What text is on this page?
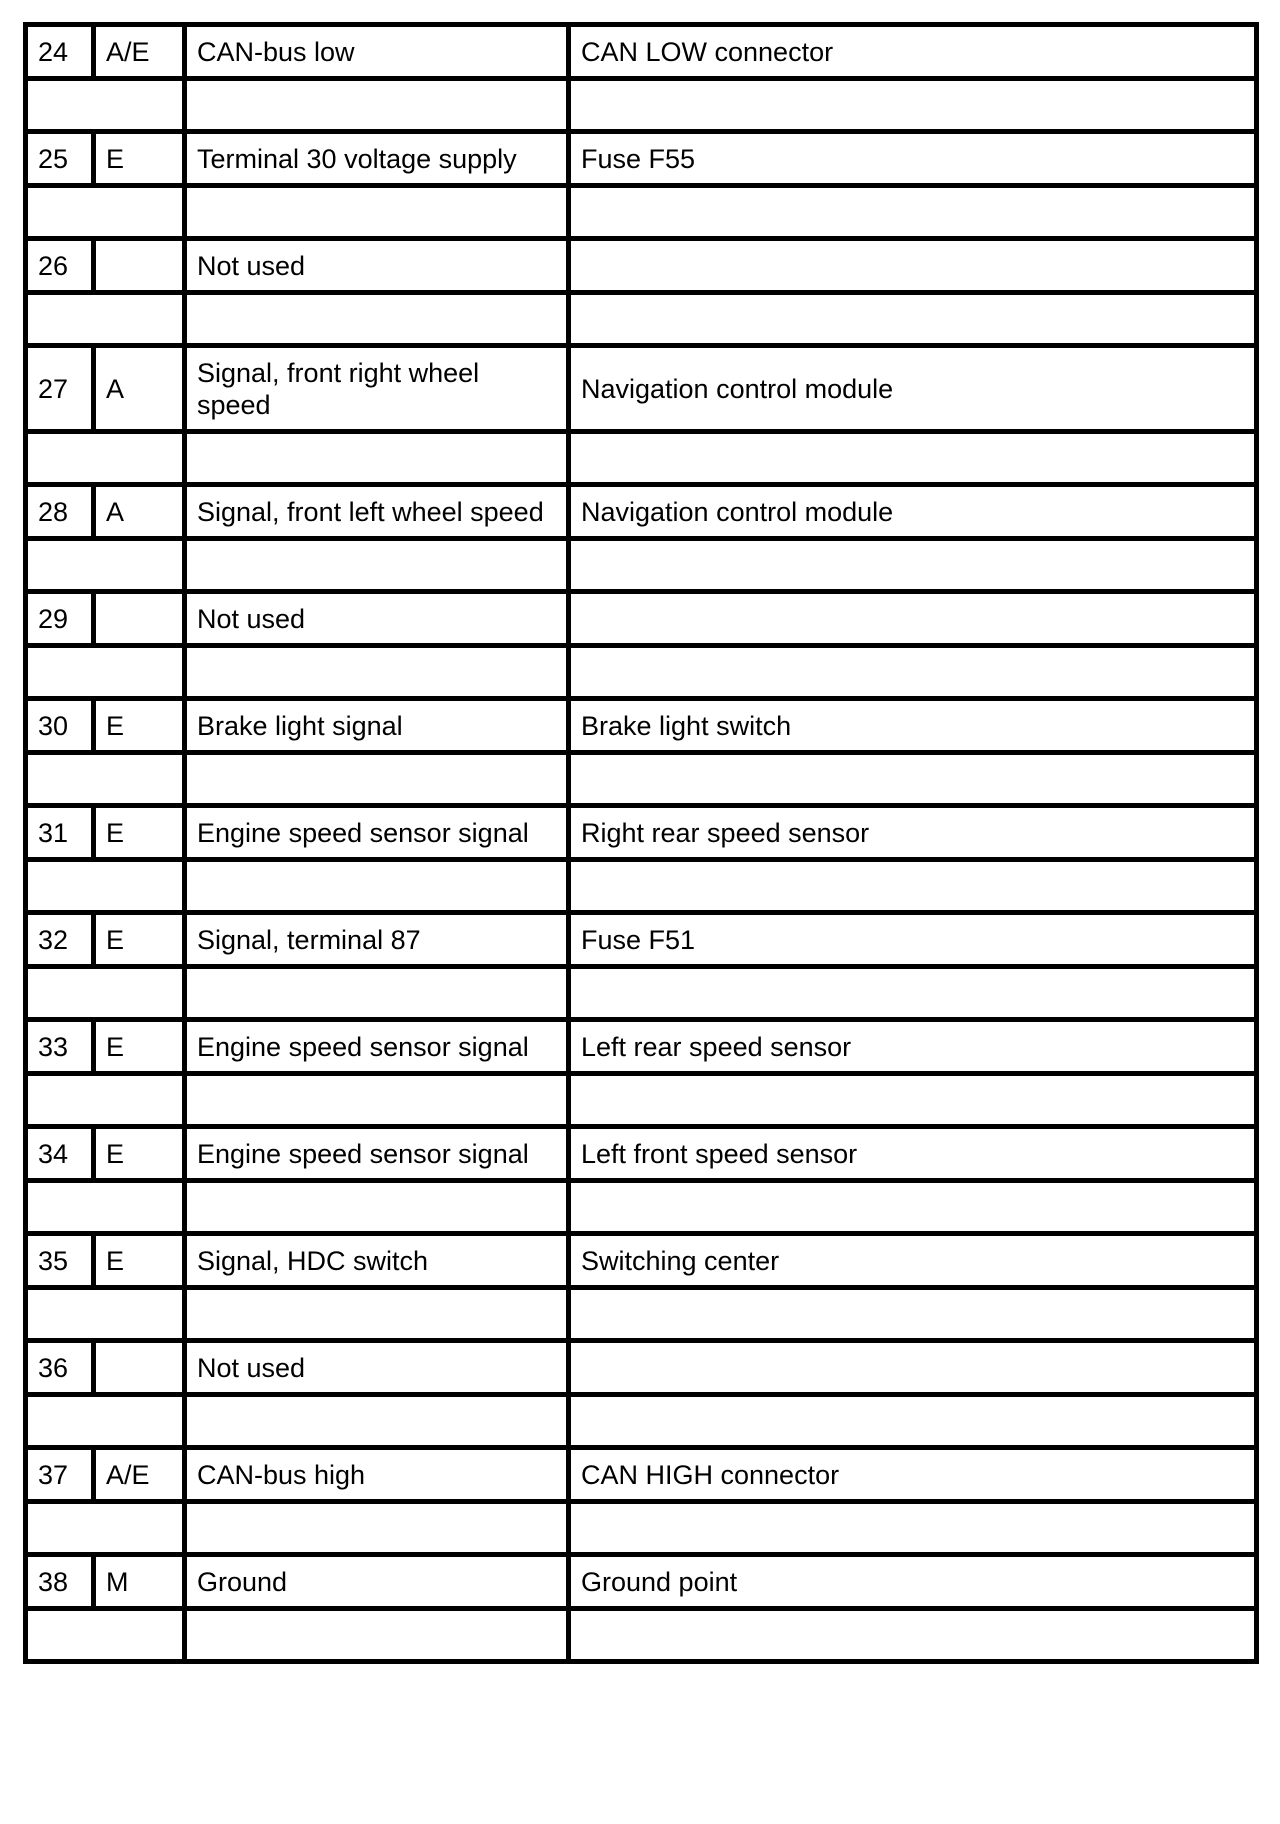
24	A/E	CAN-bus low	CAN LOW connector

25	E	Terminal 30 voltage supply	Fuse F55

26		Not used	

27	A	Signal, front right wheel speed	Navigation control module

28	A	Signal, front left wheel speed	Navigation control module

29		Not used	

30	E	Brake light signal	Brake light switch

31	E	Engine speed sensor signal	Right rear speed sensor

32	E	Signal, terminal 87	Fuse F51

33	E	Engine speed sensor signal	Left rear speed sensor

34	E	Engine speed sensor signal	Left front speed sensor

35	E	Signal, HDC switch	Switching center

36		Not used	

37	A/E	CAN-bus high	CAN HIGH connector

38	M	Ground	Ground point
